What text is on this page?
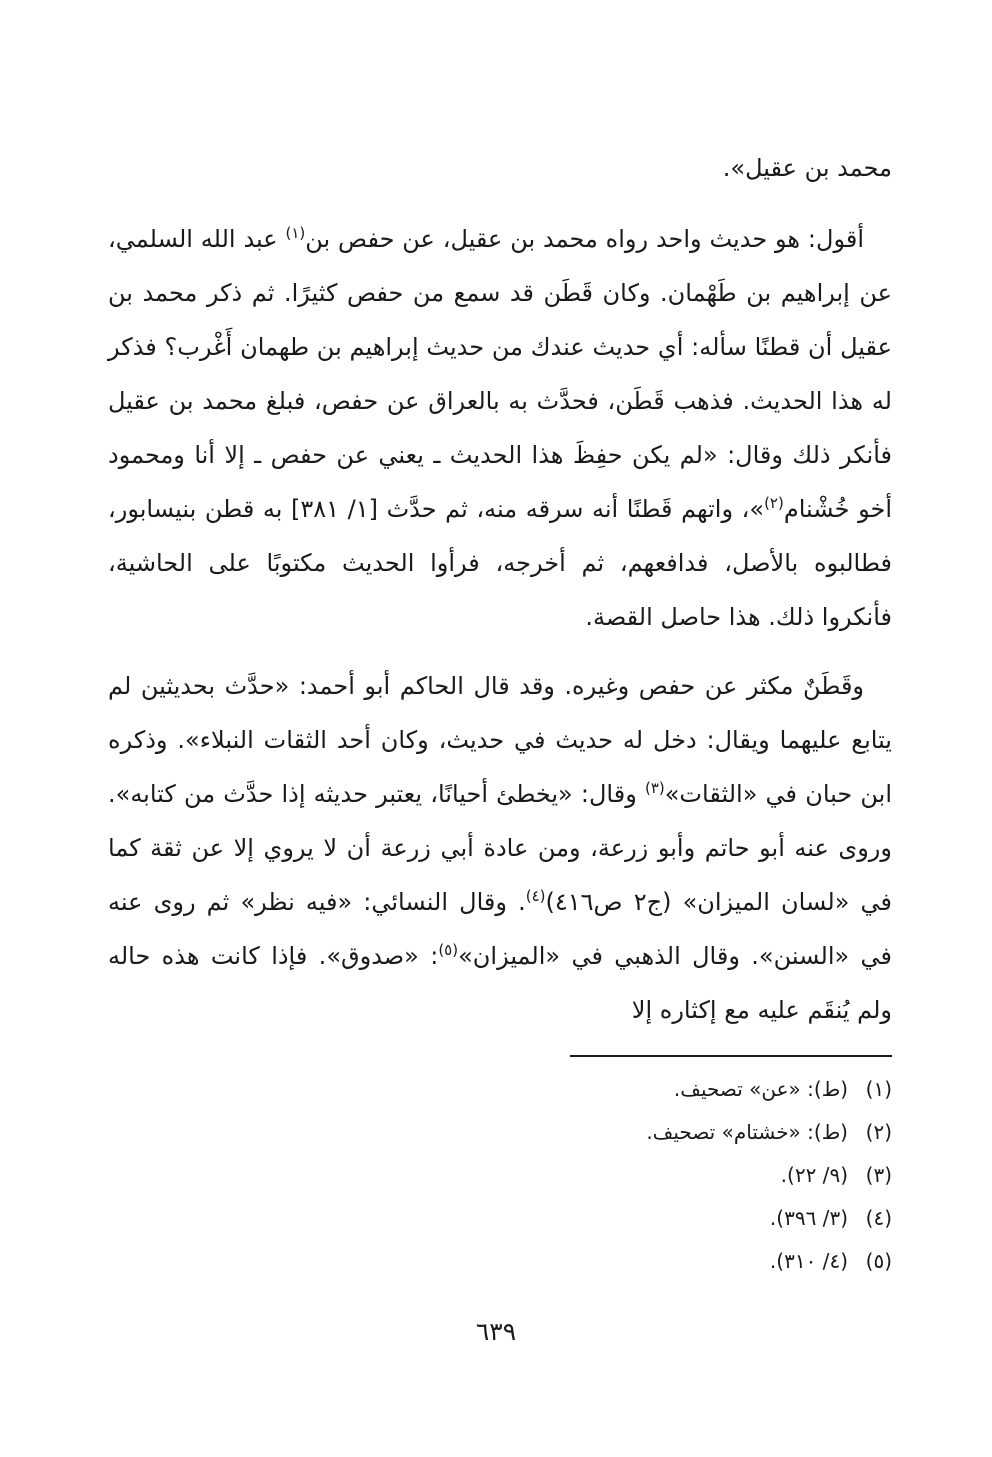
محمد بن عقيل».

أقول: هو حديث واحد رواه محمد بن عقيل، عن حفص بن$^{(١)}$ عبد الله السلمي، عن إبراهيم بن طَهْمان. وكان قَطَن قد سمع من حفص كثيرًا. ثم ذكر محمد بن عقيل أن قطنًا سأله: أي حديث عندك من حديث إبراهيم بن طهمان أَغْرب؟ فذكر له هذا الحديث. فذهب قَطَن، فحدَّث به بالعراق عن حفص، فبلغ محمد بن عقيل فأنكر ذلك وقال: «لم يكن حفِظَ هذا الحديث ـ يعني عن حفص ـ إلا أنا ومحمود أخو خُشْنام$^{(٢)}$»، واتهم قَطنًا أنه سرقه منه، ثم حدَّث [١/ ٣٨١] به قطن بنيسابور، فطالبوه بالأصل، فدافعهم، ثم أخرجه، فرأوا الحديث مكتوبًا على الحاشية، فأنكروا ذلك. هذا حاصل القصة.

وقَطَنٌ مكثر عن حفص وغيره. وقد قال الحاكم أبو أحمد: «حدَّث بحديثين لم يتابع عليهما ويقال: دخل له حديث في حديث، وكان أحد الثقات النبلاء». وذكره ابن حبان في «الثقات»$^{(٣)}$ وقال: «يخطئ أحيانًا، يعتبر حديثه إذا حدَّث من كتابه». وروى عنه أبو حاتم وأبو زرعة، ومن عادة أبي زرعة أن لا يروي إلا عن ثقة كما في «لسان الميزان» (ج٢ ص٤١٦)$^{(٤)}$. وقال النسائي: «فيه نظر» ثم روى عنه في «السنن». وقال الذهبي في «الميزان»$^{(٥)}$: «صدوق». فإذا كانت هذه حاله ولم يُنقَم عليه مع إكثاره إلا

(١)(ط): «عن» تصحيف.
(٢)(ط): «خشتام» تصحيف.
(٣)(٩/ ٢٢).
(٤)(٣/ ٣٩٦).
(٥)(٤/ ٣١٠).
٦٣٩
